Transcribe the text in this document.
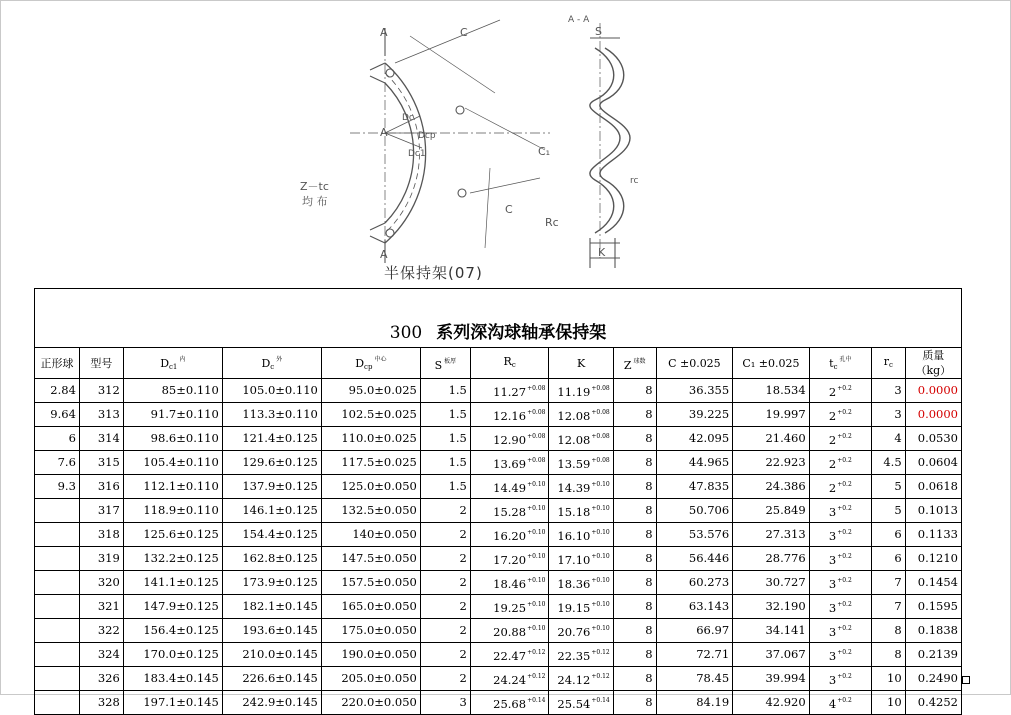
A
A
A
C
C
C₁
Dc
Dcp
Dc1
Z－tc
均 布
S
A - A
Rc
rc
K
半保持架(07)
300 系列深沟球轴承保持架													
正形球	型号	$D_{c1}^内$	$D_c^外$	$D_{cp}^{中心}$	S $^{板厚}$	$R_c$	K	Z $^{球数}$	C ±0.025	C₁ ±0.025	$t_c^{孔中}$	$r_c$	质量
（kg）
2.84	312	85±0.110	105.0±0.110	95.0±0.025	1.5	$11.27^{+0.08}$	$11.19^{+0.08}$	8	36.355	18.534	$2^{+0.2}$	3	0.0000
9.64	313	91.7±0.110	113.3±0.110	102.5±0.025	1.5	$12.16^{+0.08}$	$12.08^{+0.08}$	8	39.225	19.997	$2^{+0.2}$	3	0.0000
6	314	98.6±0.110	121.4±0.125	110.0±0.025	1.5	$12.90^{+0.08}$	$12.08^{+0.08}$	8	42.095	21.460	$2^{+0.2}$	4	0.0530
7.6	315	105.4±0.110	129.6±0.125	117.5±0.025	1.5	$13.69^{+0.08}$	$13.59^{+0.08}$	8	44.965	22.923	$2^{+0.2}$	4.5	0.0604
9.3	316	112.1±0.110	137.9±0.125	125.0±0.050	1.5	$14.49^{+0.10}$	$14.39^{+0.10}$	8	47.835	24.386	$2^{+0.2}$	5	0.0618
	317	118.9±0.110	146.1±0.125	132.5±0.050	2	$15.28^{+0.10}$	$15.18^{+0.10}$	8	50.706	25.849	$3^{+0.2}$	5	0.1013
	318	125.6±0.125	154.4±0.125	140±0.050	2	$16.20^{+0.10}$	$16.10^{+0.10}$	8	53.576	27.313	$3^{+0.2}$	6	0.1133
	319	132.2±0.125	162.8±0.125	147.5±0.050	2	$17.20^{+0.10}$	$17.10^{+0.10}$	8	56.446	28.776	$3^{+0.2}$	6	0.1210
	320	141.1±0.125	173.9±0.125	157.5±0.050	2	$18.46^{+0.10}$	$18.36^{+0.10}$	8	60.273	30.727	$3^{+0.2}$	7	0.1454
	321	147.9±0.125	182.1±0.145	165.0±0.050	2	$19.25^{+0.10}$	$19.15^{+0.10}$	8	63.143	32.190	$3^{+0.2}$	7	0.1595
	322	156.4±0.125	193.6±0.145	175.0±0.050	2	$20.88^{+0.10}$	$20.76^{+0.10}$	8	66.97	34.141	$3^{+0.2}$	8	0.1838
	324	170.0±0.125	210.0±0.145	190.0±0.050	2	$22.47^{+0.12}$	$22.35^{+0.12}$	8	72.71	37.067	$3^{+0.2}$	8	0.2139
	326	183.4±0.145	226.6±0.145	205.0±0.050	2	$24.24^{+0.12}$	$24.12^{+0.12}$	8	78.45	39.994	$3^{+0.2}$	10	0.2490
	328	197.1±0.145	242.9±0.145	220.0±0.050	3	$25.68^{+0.14}$	$25.54^{+0.14}$	8	84.19	42.920	$4^{+0.2}$	10	0.4252
